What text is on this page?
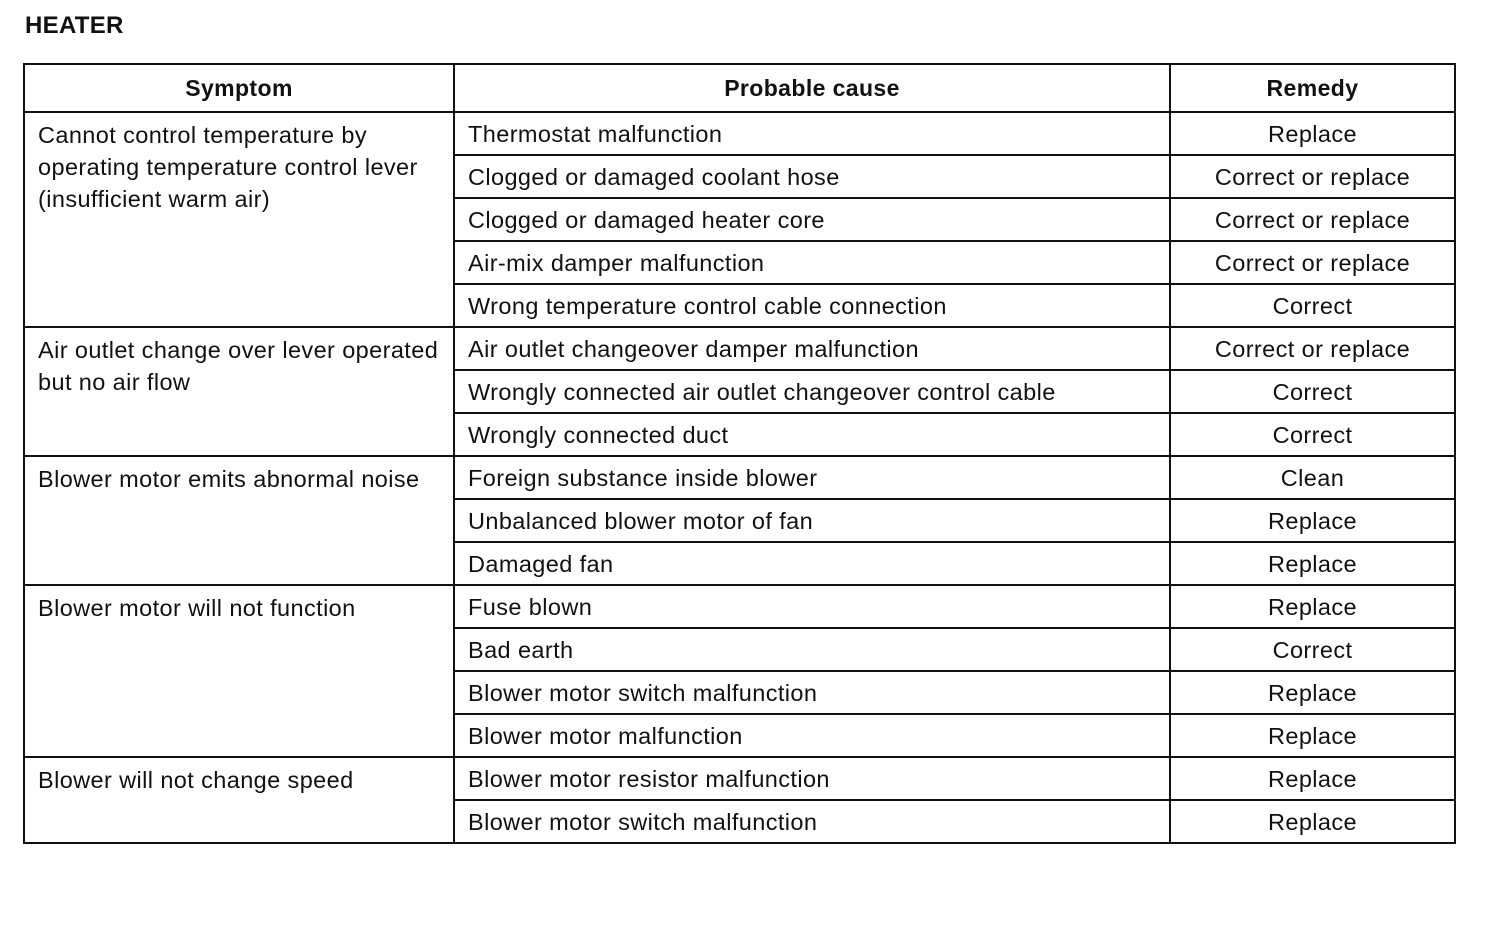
HEATER
Symptom	Probable cause	Remedy
Cannot control temperature by operating temperature control lever (insufficient warm air)	Thermostat malfunction	Replace
	Clogged or damaged coolant hose	Correct or replace
	Clogged or damaged heater core	Correct or replace
	Air-mix damper malfunction	Correct or replace
	Wrong temperature control cable connection	Correct
Air outlet change over lever operated but no air flow	Air outlet changeover damper malfunction	Correct or replace
	Wrongly connected air outlet changeover control cable	Correct
	Wrongly connected duct	Correct
Blower motor emits abnormal noise	Foreign substance inside blower	Clean
	Unbalanced blower motor of fan	Replace
	Damaged fan	Replace
Blower motor will not function	Fuse blown	Replace
	Bad earth	Correct
	Blower motor switch malfunction	Replace
	Blower motor malfunction	Replace
Blower will not change speed	Blower motor resistor malfunction	Replace
	Blower motor switch malfunction	Replace
